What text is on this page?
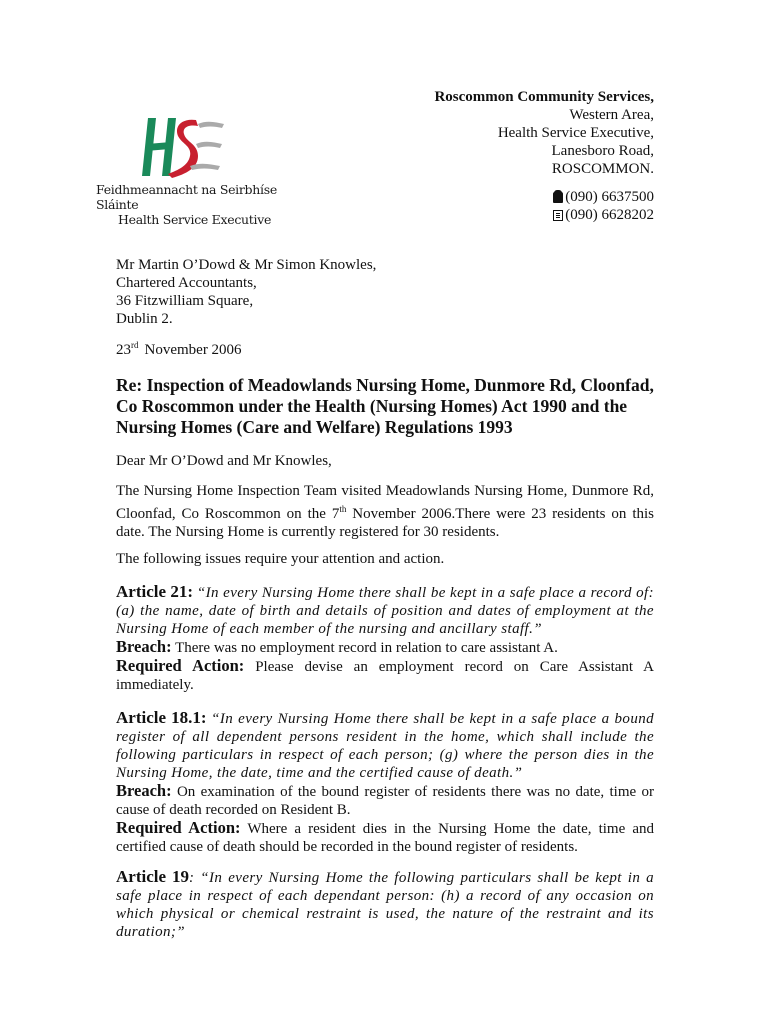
Feidhmeannacht na Seirbhíse Sláinte
Health Service Executive
Roscommon Community Services,
Western Area,
Health Service Executive,
Lanesboro Road,
ROSCOMMON.
(090) 6637500
(090) 6628202
Mr Martin O’Dowd & Mr Simon Knowles,
Chartered Accountants,
36 Fitzwilliam Square,
Dublin 2.
23rd November 2006
Re: Inspection of Meadowlands Nursing Home, Dunmore Rd, Cloonfad, Co Roscommon under the Health (Nursing Homes) Act 1990 and the Nursing Homes (Care and Welfare) Regulations 1993
Dear Mr O’Dowd and Mr Knowles,
The Nursing Home Inspection Team visited Meadowlands Nursing Home, Dunmore Rd, Cloonfad, Co Roscommon on the 7th November 2006.There were 23 residents on this date. The Nursing Home is currently registered for 30 residents.
The following issues require your attention and action.

Article 21: “In every Nursing Home there shall be kept in a safe place a record of: (a) the name, date of birth and details of position and dates of employment at the Nursing Home of each member of the nursing and ancillary staff.”

Breach: There was no employment record in relation to care assistant A.

Required Action: Please devise an employment record on Care Assistant A immediately.

Article 18.1: “In every Nursing Home there shall be kept in a safe place a bound register of all dependent persons resident in the home, which shall include the following particulars in respect of each person; (g) where the person dies in the Nursing Home, the date, time and the certified cause of death.”

Breach: On examination of the bound register of residents there was no date, time or cause of death recorded on Resident B.

Required Action: Where a resident dies in the Nursing Home the date, time and certified cause of death should be recorded in the bound register of residents.

Article 19: “In every Nursing Home the following particulars shall be kept in a safe place in respect of each dependant person: (h) a record of any occasion on which physical or chemical restraint is used, the nature of the restraint and its duration;”
